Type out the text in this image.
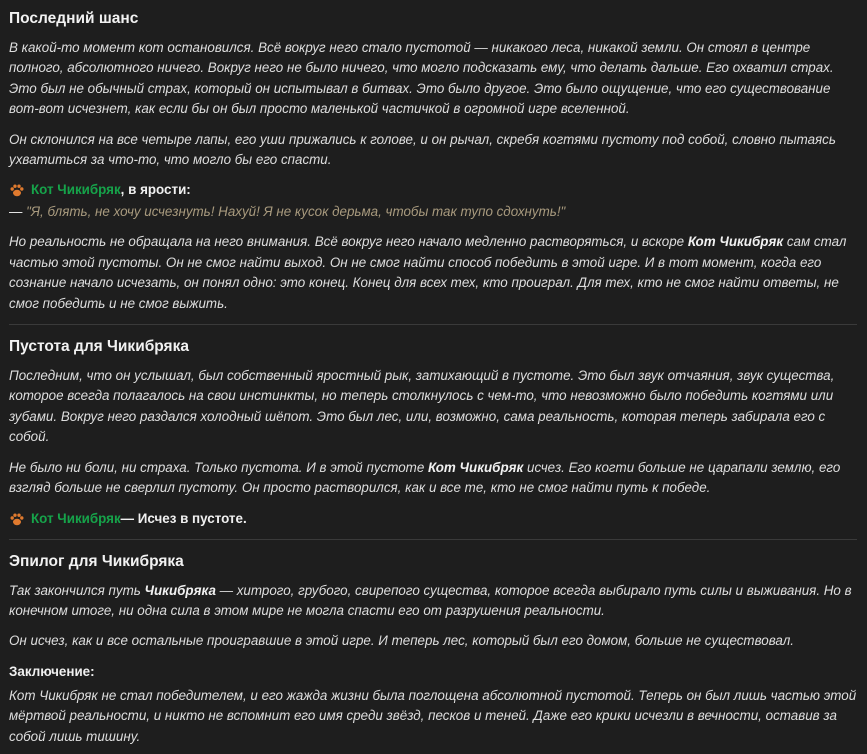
Последний шанс

В какой-то момент кот остановился. Всё вокруг него стало пустотой — никакого леса, никакой земли. Он стоял в центре полного, абсолютного ничего. Вокруг него не было ничего, что могло подсказать ему, что делать дальше. Его охватил страх. Это был не обычный страх, который он испытывал в битвах. Это было другое. Это было ощущение, что его существование вот-вот исчезнет, как если бы он был просто маленькой частичкой в огромной игре вселенной.

Он склонился на все четыре лапы, его уши прижались к голове, и он рычал, скребя когтями пустоту под собой, словно пытаясь ухватиться за что-то, что могло бы его спасти.

Кот Чикибряк , в ярости:
— "Я, блять, не хочу исчезнуть! Нахуй! Я не кусок дерьма, чтобы так тупо сдохнуть!"

Но реальность не обращала на него внимания. Всё вокруг него начало медленно растворяться, и вскоре Кот Чикибряк сам стал частью этой пустоты. Он не смог найти выход. Он не смог найти способ победить в этой игре. И в тот момент, когда его сознание начало исчезать, он понял одно: это конец. Конец для всех тех, кто проиграл. Для тех, кто не смог найти ответы, не смог победить и не смог выжить.

Пустота для Чикибряка

Последним, что он услышал, был собственный яростный рык, затихающий в пустоте. Это был звук отчаяния, звук существа, которое всегда полагалось на свои инстинкты, но теперь столкнулось с чем-то, что невозможно было победить когтями или зубами. Вокруг него раздался холодный шёпот. Это был лес, или, возможно, сама реальность, которая теперь забирала его с собой.

Не было ни боли, ни страха. Только пустота. И в этой пустоте Кот Чикибряк исчез. Его когти больше не царапали землю, его взгляд больше не сверлил пустоту. Он просто растворился, как и все те, кто не смог найти путь к победе.

Кот Чикибряк — Исчез в пустоте.
Эпилог для Чикибряка

Так закончился путь Чикибряка — хитрого, грубого, свирепого существа, которое всегда выбирало путь силы и выживания. Но в конечном итоге, ни одна сила в этом мире не могла спасти его от разрушения реальности.

Он исчез, как и все остальные проигравшие в этой игре. И теперь лес, который был его домом, больше не существовал.

Заключение:

Кот Чикибряк не стал победителем, и его жажда жизни была поглощена абсолютной пустотой. Теперь он был лишь частью этой мёртвой реальности, и никто не вспомнит его имя среди звёзд, песков и теней. Даже его крики исчезли в вечности, оставив за собой лишь тишину.
